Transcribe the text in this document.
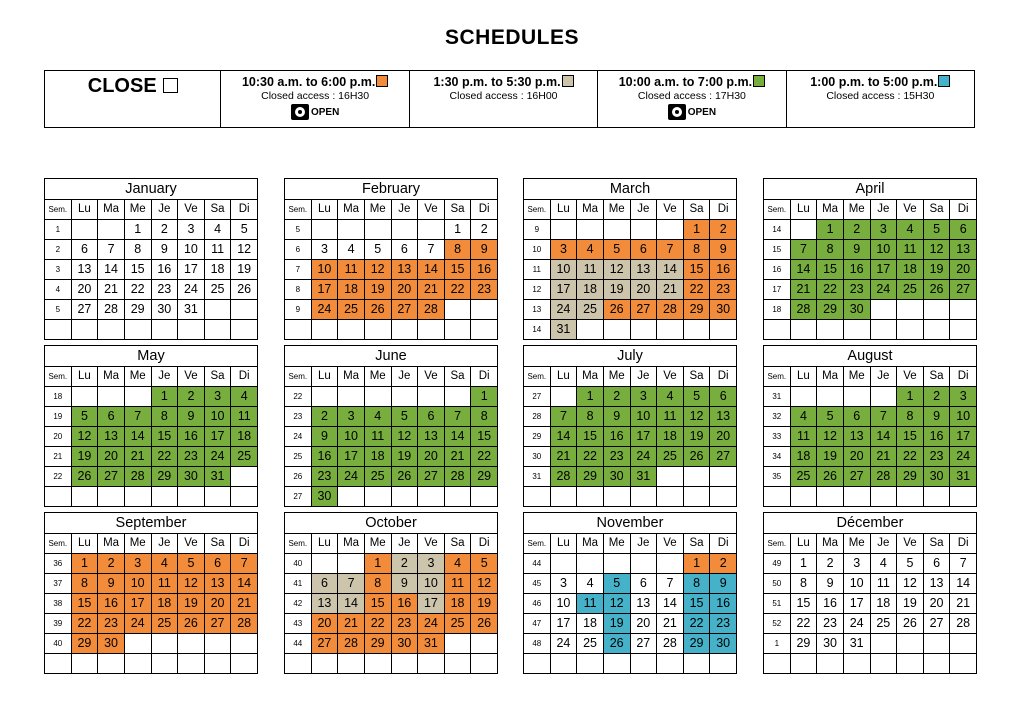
SCHEDULES
CLOSE	10:30 a.m. to 6:00 p.m.
Closed access : 16H30
OPEN
1:30 p.m. to 5:30 p.m.
Closed access : 16H00
10:00 a.m. to 7:00 p.m.
Closed access : 17H30
OPEN
1:00 p.m. to 5:00 p.m.
Closed access : 15H30
January							
Sem.	Lu	Ma	Me	Je	Ve	Sa	Di
1			1	2	3	4	5
2	6	7	8	9	10	11	12
3	13	14	15	16	17	18	19
4	20	21	22	23	24	25	26
5	27	28	29	30	31		

February							
Sem.	Lu	Ma	Me	Je	Ve	Sa	Di
5						1	2
6	3	4	5	6	7	8	9
7	10	11	12	13	14	15	16
8	17	18	19	20	21	22	23
9	24	25	26	27	28		

March							
Sem.	Lu	Ma	Me	Je	Ve	Sa	Di
9						1	2
10	3	4	5	6	7	8	9
11	10	11	12	13	14	15	16
12	17	18	19	20	21	22	23
13	24	25	26	27	28	29	30
14	31						
April							
Sem.	Lu	Ma	Me	Je	Ve	Sa	Di
14		1	2	3	4	5	6
15	7	8	9	10	11	12	13
16	14	15	16	17	18	19	20
17	21	22	23	24	25	26	27
18	28	29	30				

May							
Sem.	Lu	Ma	Me	Je	Ve	Sa	Di
18				1	2	3	4
19	5	6	7	8	9	10	11
20	12	13	14	15	16	17	18
21	19	20	21	22	23	24	25
22	26	27	28	29	30	31	

June							
Sem.	Lu	Ma	Me	Je	Ve	Sa	Di
22							1
23	2	3	4	5	6	7	8
24	9	10	11	12	13	14	15
25	16	17	18	19	20	21	22
26	23	24	25	26	27	28	29
27	30						
July							
Sem.	Lu	Ma	Me	Je	Ve	Sa	Di
27		1	2	3	4	5	6
28	7	8	9	10	11	12	13
29	14	15	16	17	18	19	20
30	21	22	23	24	25	26	27
31	28	29	30	31			

August							
Sem.	Lu	Ma	Me	Je	Ve	Sa	Di
31					1	2	3
32	4	5	6	7	8	9	10
33	11	12	13	14	15	16	17
34	18	19	20	21	22	23	24
35	25	26	27	28	29	30	31

September							
Sem.	Lu	Ma	Me	Je	Ve	Sa	Di
36	1	2	3	4	5	6	7
37	8	9	10	11	12	13	14
38	15	16	17	18	19	20	21
39	22	23	24	25	26	27	28
40	29	30					

October							
Sem.	Lu	Ma	Me	Je	Ve	Sa	Di
40			1	2	3	4	5
41	6	7	8	9	10	11	12
42	13	14	15	16	17	18	19
43	20	21	22	23	24	25	26
44	27	28	29	30	31		

November							
Sem.	Lu	Ma	Me	Je	Ve	Sa	Di
44						1	2
45	3	4	5	6	7	8	9
46	10	11	12	13	14	15	16
47	17	18	19	20	21	22	23
48	24	25	26	27	28	29	30

Décember							
Sem.	Lu	Ma	Me	Je	Ve	Sa	Di
49	1	2	3	4	5	6	7
50	8	9	10	11	12	13	14
51	15	16	17	18	19	20	21
52	22	23	24	25	26	27	28
1	29	30	31				
